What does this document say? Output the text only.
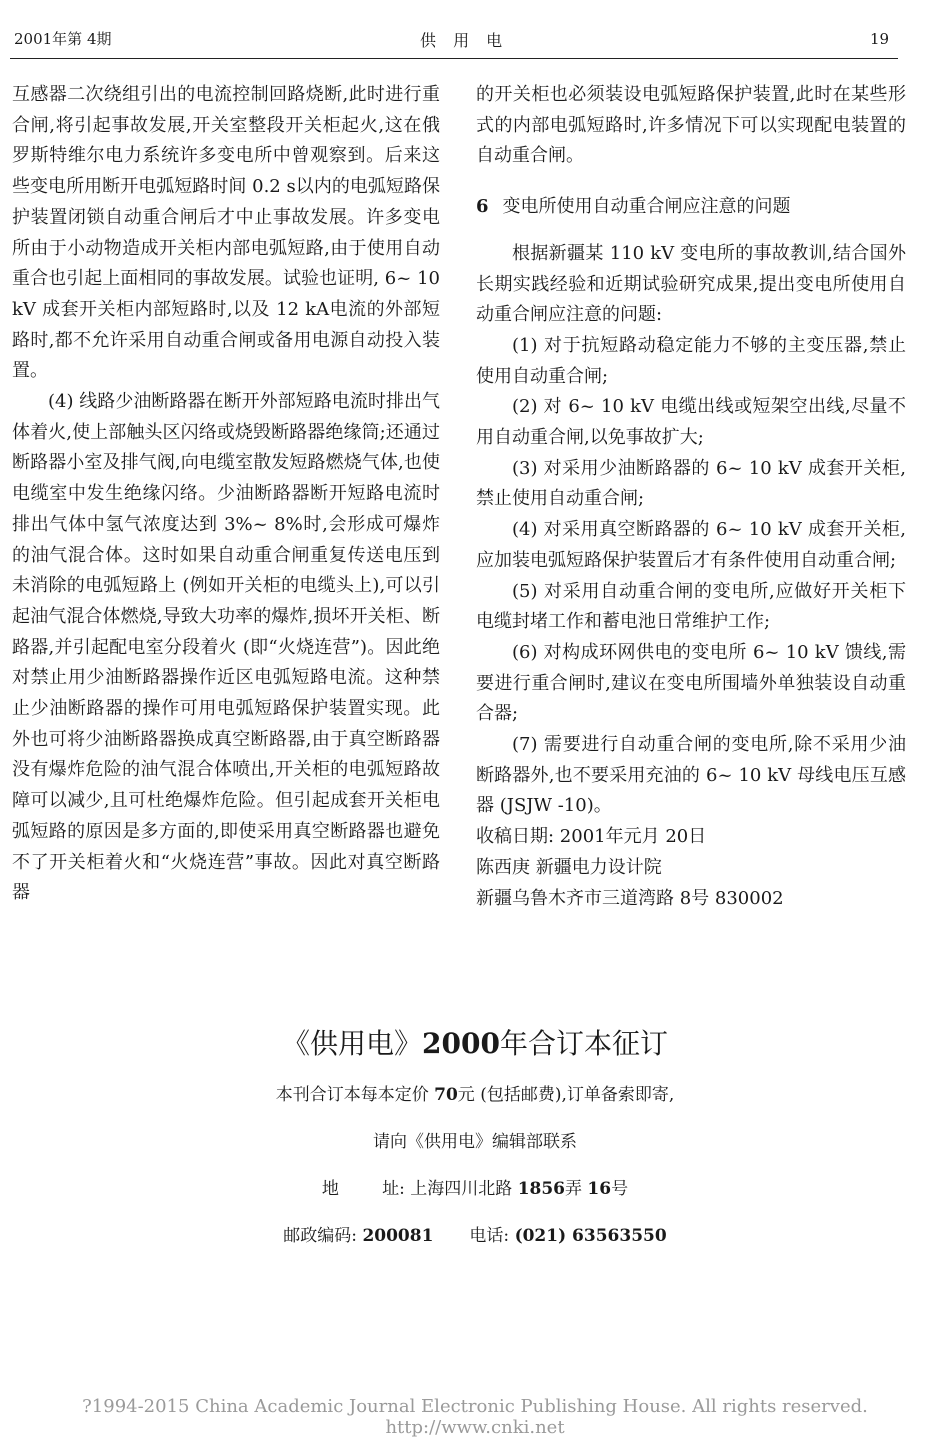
2001年第 4期	供 用 电	19

互感器二次绕组引出的电流控制回路烧断,此时进行重合闸,将引起事故发展,开关室整段开关柜起火,这在俄罗斯特维尔电力系统许多变电所中曾观察到。后来这些变电所用断开电弧短路时间 0.2 s以内的电弧短路保护装置闭锁自动重合闸后才中止事故发展。许多变电所由于小动物造成开关柜内部电弧短路,由于使用自动重合也引起上面相同的事故发展。试验也证明, 6~ 10 kV 成套开关柜内部短路时,以及 12 kA电流的外部短路时,都不允许采用自动重合闸或备用电源自动投入装置。

(4) 线路少油断路器在断开外部短路电流时排出气体着火,使上部触头区闪络或烧毁断路器绝缘筒;还通过断路器小室及排气阀,向电缆室散发短路燃烧气体,也使电缆室中发生绝缘闪络。少油断路器断开短路电流时排出气体中氢气浓度达到 3%~ 8%时,会形成可爆炸的油气混合体。这时如果自动重合闸重复传送电压到未消除的电弧短路上 (例如开关柜的电缆头上),可以引起油气混合体燃烧,导致大功率的爆炸,损坏开关柜、断路器,并引起配电室分段着火 (即“火烧连营”)。因此绝对禁止用少油断路器操作近区电弧短路电流。这种禁止少油断路器的操作可用电弧短路保护装置实现。此外也可将少油断路器换成真空断路器,由于真空断路器没有爆炸危险的油气混合体喷出,开关柜的电弧短路故障可以减少,且可杜绝爆炸危险。但引起成套开关柜电弧短路的原因是多方面的,即使采用真空断路器也避免不了开关柜着火和“火烧连营”事故。因此对真空断路器

的开关柜也必须装设电弧短路保护装置,此时在某些形式的内部电弧短路时,许多情况下可以实现配电装置的自动重合闸。

6 变电所使用自动重合闸应注意的问题

根据新疆某 110 kV 变电所的事故教训,结合国外长期实践经验和近期试验研究成果,提出变电所使用自动重合闸应注意的问题:

(1) 对于抗短路动稳定能力不够的主变压器,禁止使用自动重合闸;

(2) 对 6~ 10 kV 电缆出线或短架空出线,尽量不用自动重合闸,以免事故扩大;

(3) 对采用少油断路器的 6~ 10 kV 成套开关柜,禁止使用自动重合闸;

(4) 对采用真空断路器的 6~ 10 kV 成套开关柜,应加装电弧短路保护装置后才有条件使用自动重合闸;

(5) 对采用自动重合闸的变电所,应做好开关柜下电缆封堵工作和蓄电池日常维护工作;

(6) 对构成环网供电的变电所 6~ 10 kV 馈线,需要进行重合闸时,建议在变电所围墙外单独装设自动重合器;

(7) 需要进行自动重合闸的变电所,除不采用少油断路器外,也不要采用充油的 6~ 10 kV 母线电压互感器 (JSJW -10)。

收稿日期: 2001年元月 20日

陈西庚 新疆电力设计院

新疆乌鲁木齐市三道湾路 8号 830002

《供用电》2000年合订本征订

本刊合订本每本定价 70元 (包括邮费),订单备索即寄,

请向《供用电》编辑部联系

地        址: 上海四川北路 1856弄 16号

邮政编码: 200081 电话: (021) 63563550

?1994-2015 China Academic Journal Electronic Publishing House. All rights reserved. http://www.cnki.net
